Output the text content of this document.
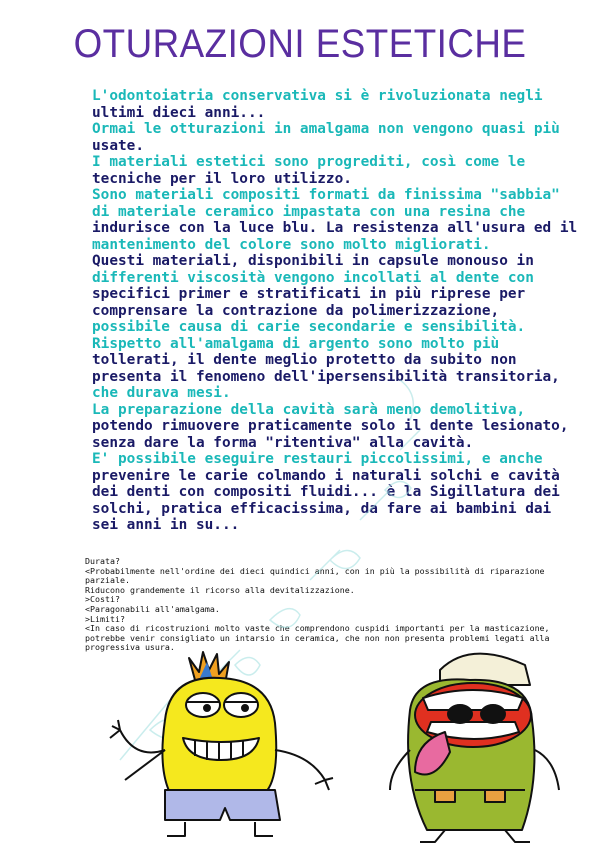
OTURAZIONI ESTETICHE

L'odontoiatria conservativa si è rivoluzionata negli

ultimi dieci anni...

Ormai le otturazioni in amalgama non vengono quasi più

usate.

I materiali estetici sono progrediti, così come le

tecniche per il loro utilizzo.

Sono materiali compositi formati da finissima "sabbia"

di materiale ceramico impastata con una resina che

indurisce con la luce blu. La resistenza all'usura ed il

mantenimento del colore sono molto migliorati.

Questi materiali, disponibili in capsule monouso in

differenti viscosità vengono incollati al dente con

specifici primer e stratificati in più riprese per

comprensare la contrazione da polimerizzazione,

possibile causa di carie secondarie e sensibilità.

Rispetto all'amalgama di argento sono molto più

tollerati, il dente meglio protetto da subito non

presenta il fenomeno dell'ipersensibilità transitoria,

che durava mesi.

La preparazione della cavità sarà meno demolitiva,

potendo rimuovere praticamente solo il dente lesionato,

senza dare la forma "ritentiva" alla cavità.

E' possibile eseguire restauri piccolissimi, e anche

prevenire le carie colmando i naturali solchi e cavità

dei denti con compositi fluidi... è la Sigillatura dei

solchi, pratica efficacissima, da fare ai bambini dai

sei anni in su...

Durata?

<Probabilmente nell'ordine dei dieci quindici anni, con in più la possibilità di riparazione

parziale.

Riducono grandemente il ricorso alla devitalizzazione.

>Costi?

<Paragonabili all'amalgama.

>Limiti?

<In caso di ricostruzioni molto vaste che comprendono cuspidi importanti per la masticazione,

potrebbe venir consigliato un intarsio in ceramica, che non non presenta problemi legati alla

progressiva usura.
